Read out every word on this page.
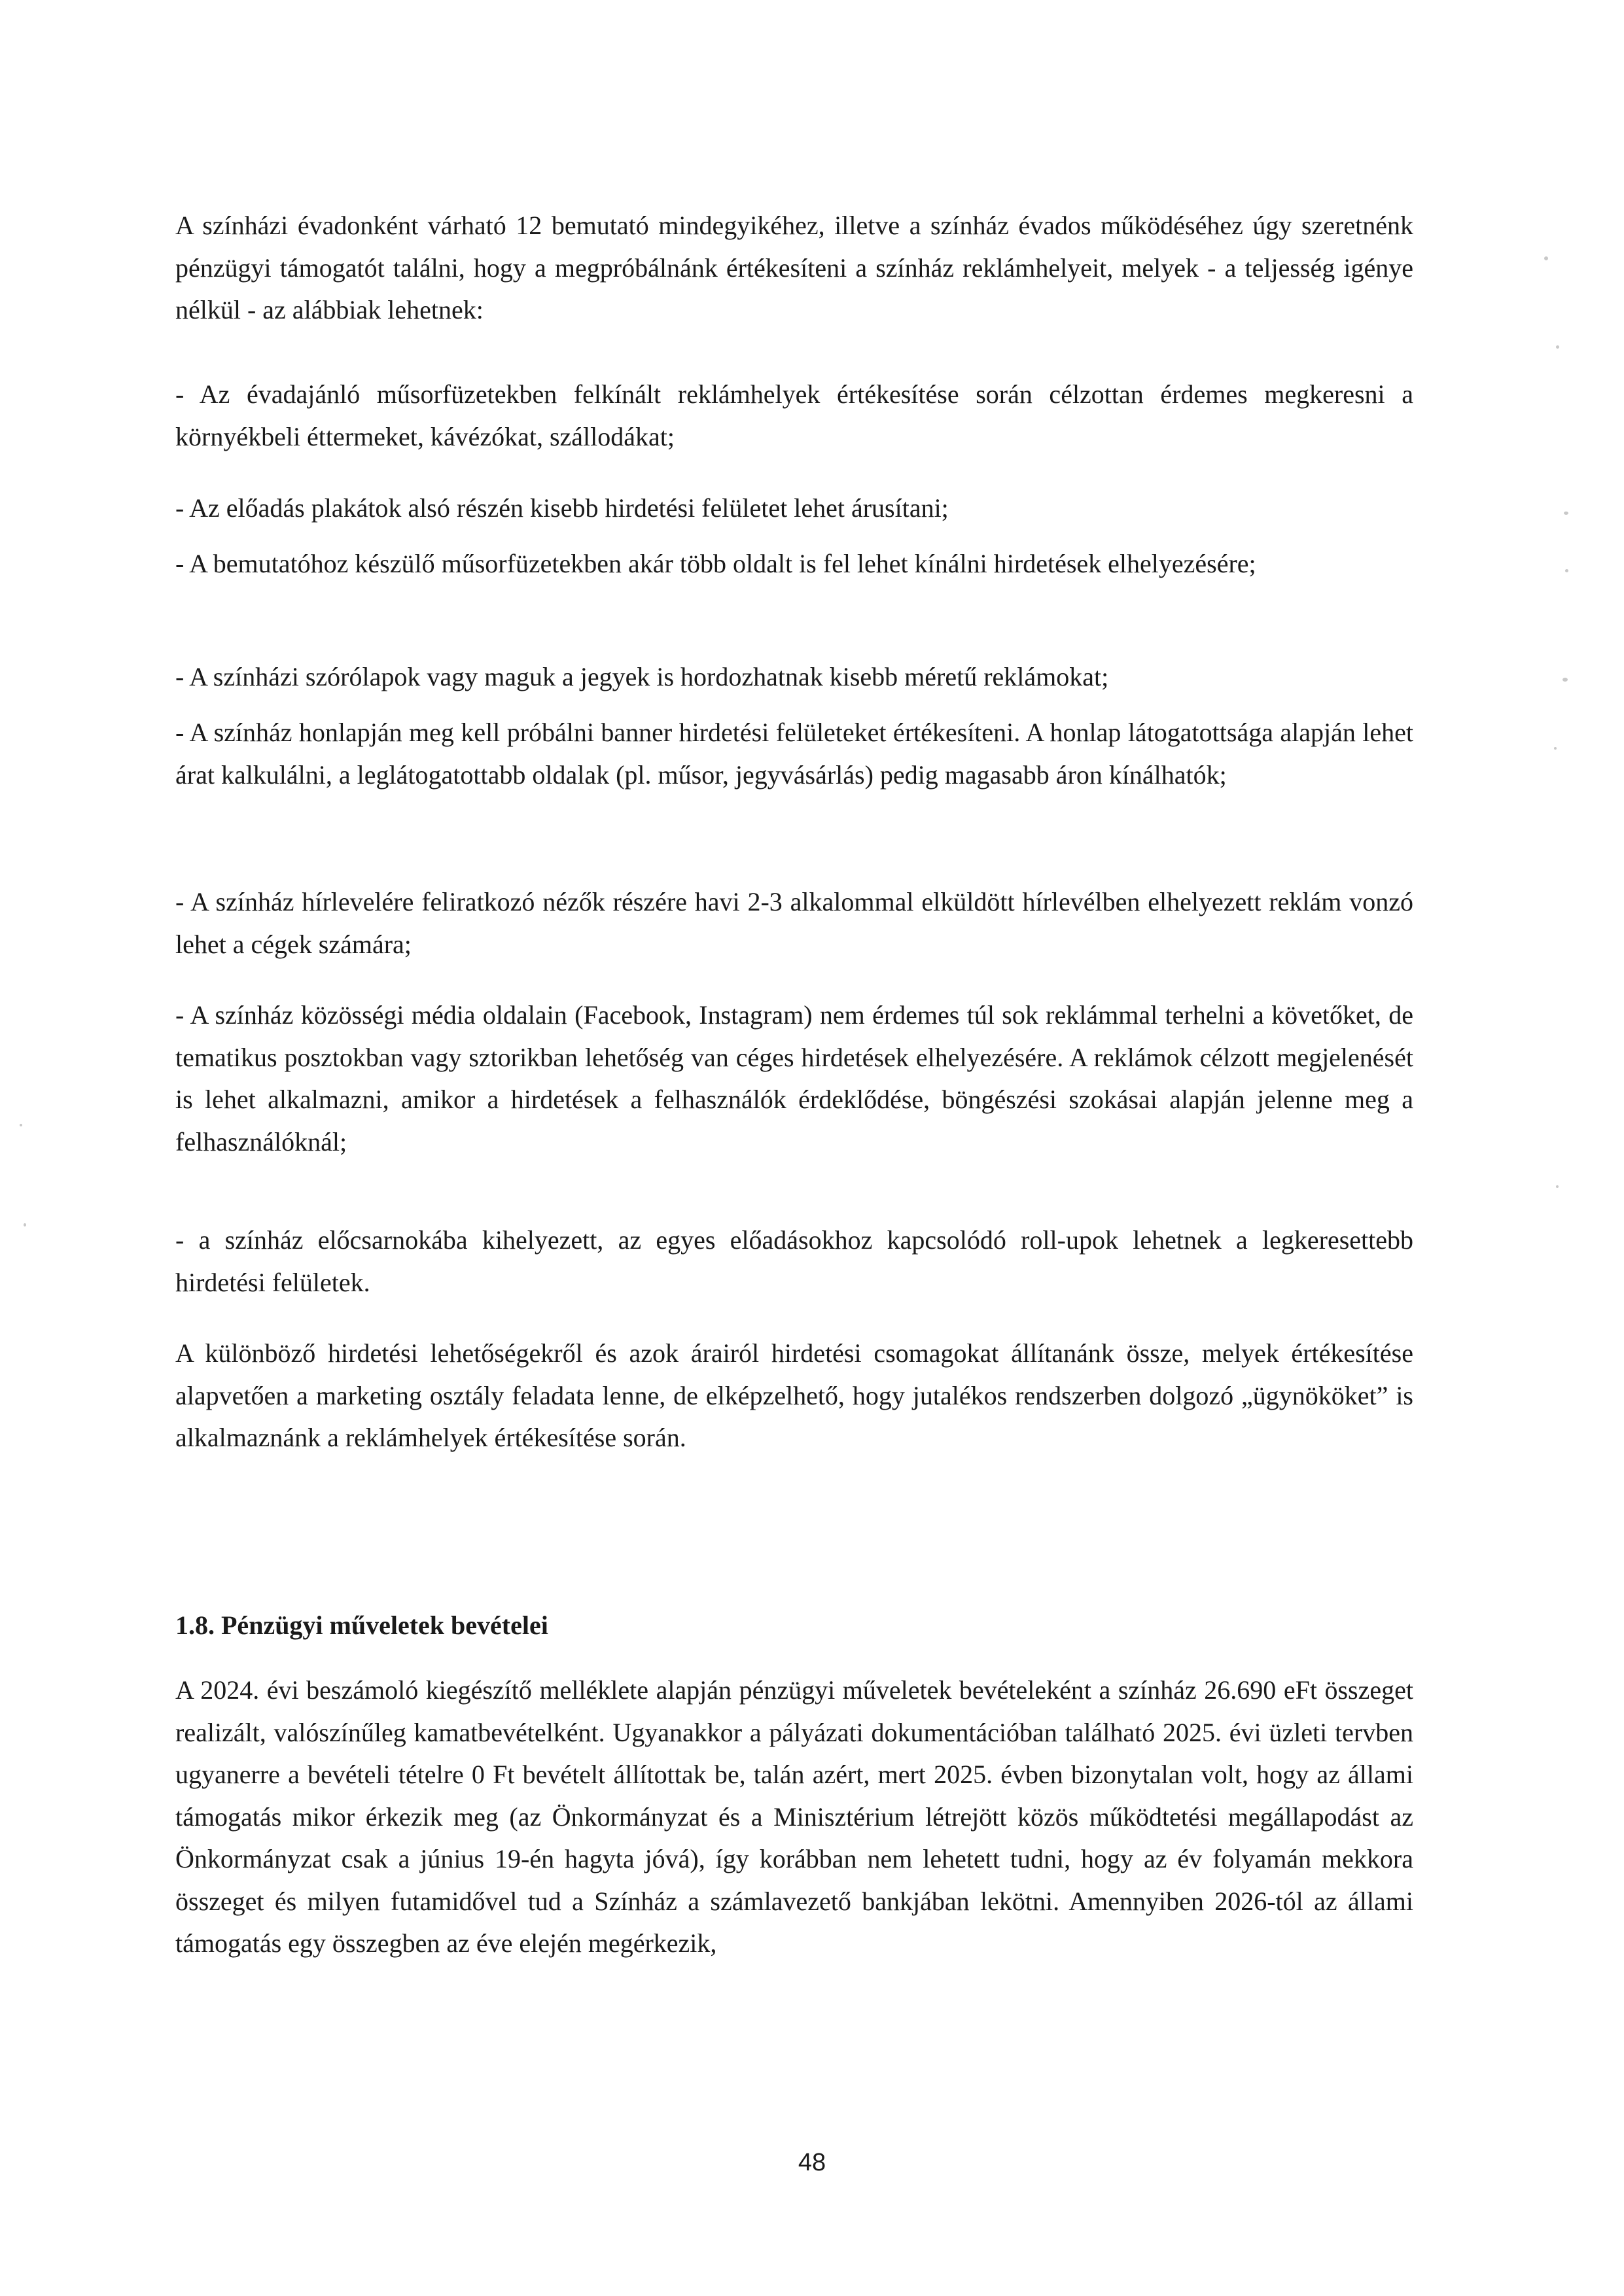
A színházi évadonként várható 12 bemutató mindegyikéhez, illetve a színház évados működéséhez úgy szeretnénk pénzügyi támogatót találni, hogy a megpróbálnánk értékesíteni a színház reklámhelyeit, melyek - a teljesség igénye nélkül - az alábbiak lehetnek:

- Az évadajánló műsorfüzetekben felkínált reklámhelyek értékesítése során célzottan érdemes megkeresni a környékbeli éttermeket, kávézókat, szállodákat;

- Az előadás plakátok alsó részén kisebb hirdetési felületet lehet árusítani;

- A bemutatóhoz készülő műsorfüzetekben akár több oldalt is fel lehet kínálni hirdetések elhelyezésére;

- A színházi szórólapok vagy maguk a jegyek is hordozhatnak kisebb méretű reklámokat;

- A színház honlapján meg kell próbálni banner hirdetési felületeket értékesíteni. A honlap látogatottsága alapján lehet árat kalkulálni, a leglátogatottabb oldalak (pl. műsor, jegyvásárlás) pedig magasabb áron kínálhatók;

- A színház hírlevelére feliratkozó nézők részére havi 2-3 alkalommal elküldött hírlevélben elhelyezett reklám vonzó lehet a cégek számára;

- A színház közösségi média oldalain (Facebook, Instagram) nem érdemes túl sok reklámmal terhelni a követőket, de tematikus posztokban vagy sztorikban lehetőség van céges hirdetések elhelyezésére. A reklámok célzott megjelenését is lehet alkalmazni, amikor a hirdetések a felhasználók érdeklődése, böngészési szokásai alapján jelenne meg a felhasználóknál;

- a színház előcsarnokába kihelyezett, az egyes előadásokhoz kapcsolódó roll-upok lehetnek a legkeresettebb hirdetési felületek.

A különböző hirdetési lehetőségekről és azok árairól hirdetési csomagokat állítanánk össze, melyek értékesítése alapvetően a marketing osztály feladata lenne, de elképzelhető, hogy jutalékos rendszerben dolgozó „ügynököket” is alkalmaznánk a reklámhelyek értékesítése során.

1.8. Pénzügyi műveletek bevételei

A 2024. évi beszámoló kiegészítő melléklete alapján pénzügyi műveletek bevételeként a színház 26.690 eFt összeget realizált, valószínűleg kamatbevételként. Ugyanakkor a pályázati dokumentációban található 2025. évi üzleti tervben ugyanerre a bevételi tételre 0 Ft bevételt állítottak be, talán azért, mert 2025. évben bizonytalan volt, hogy az állami támogatás mikor érkezik meg (az Önkormányzat és a Minisztérium létrejött közös működtetési megállapodást az Önkormányzat csak a június 19-én hagyta jóvá), így korábban nem lehetett tudni, hogy az év folyamán mekkora összeget és milyen futamidővel tud a Színház a számlavezető bankjában lekötni. Amennyiben 2026-tól az állami támogatás egy összegben az éve elején megérkezik,

48
